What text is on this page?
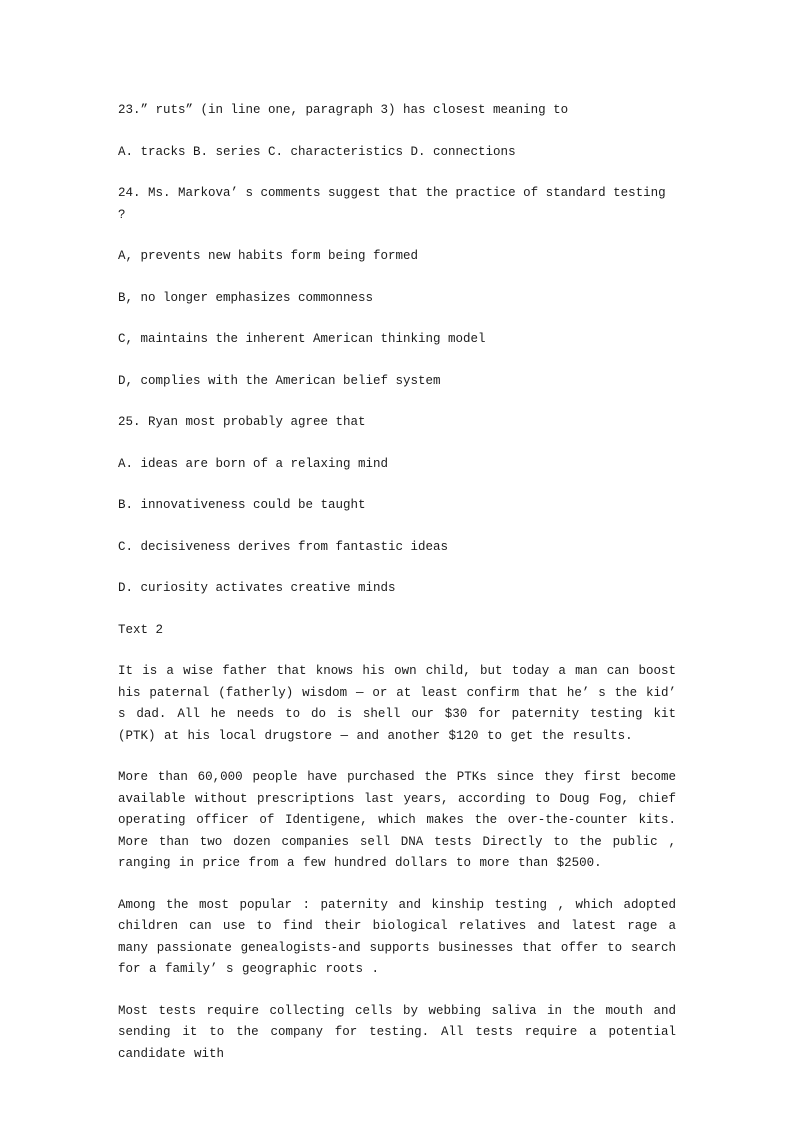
23.” ruts” (in line one, paragraph 3) has closest meaning to

A. tracks B. series C. characteristics D. connections

24. Ms. Markova’ s comments suggest that the practice of standard testing ?

A, prevents new habits form being formed

B, no longer emphasizes commonness

C, maintains the inherent American thinking model

D, complies with the American belief system

25. Ryan most probably agree that

A. ideas are born of a relaxing mind

B. innovativeness could be taught

C. decisiveness derives from fantastic ideas

D. curiosity activates creative minds

Text 2

It is a wise father that knows his own child, but today a man can boost his paternal (fatherly) wisdom — or at least confirm that he’ s the kid’ s dad. All he needs to do is shell our $30 for paternity testing kit (PTK) at his local drugstore — and another $120 to get the results.

More than 60,000 people have purchased the PTKs since they first become available without prescriptions last years, according to Doug Fog, chief operating officer of Identigene, which makes the over-the-counter kits. More than two dozen companies sell DNA tests Directly to the public , ranging in price from a few hundred dollars to more than $2500.

Among the most popular : paternity and kinship testing , which adopted children can use to find their biological relatives and latest rage a many passionate genealogists-and supports businesses that offer to search for a family’ s geographic roots .

Most tests require collecting cells by webbing saliva in the mouth and sending it to the company for testing. All tests require a potential candidate with
